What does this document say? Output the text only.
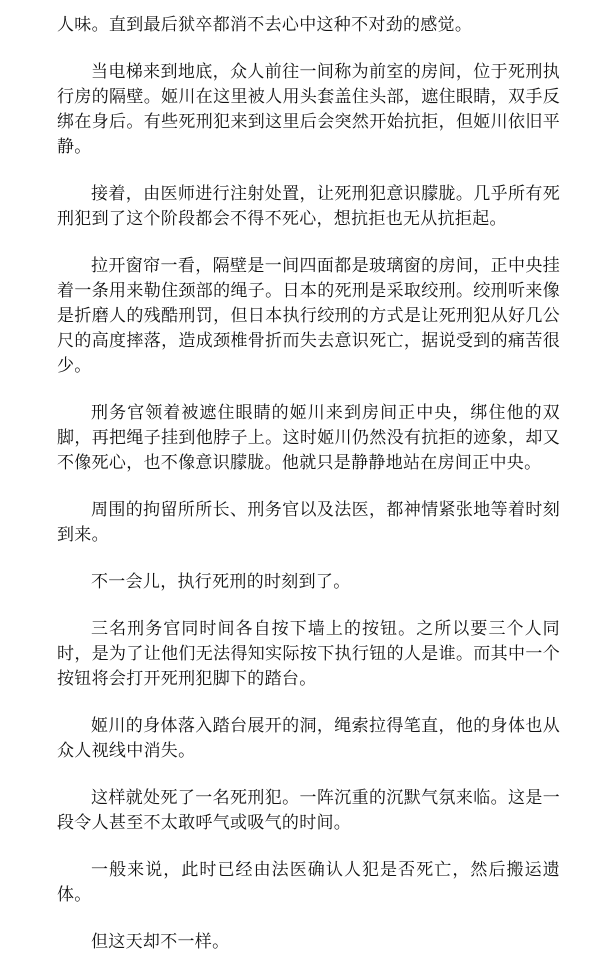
人味。直到最后狱卒都消不去心中这种不对劲的感觉。

当电梯来到地底，众人前往一间称为前室的房间，位于死刑执行房的隔壁。姬川在这里被人用头套盖住头部，遮住眼睛，双手反绑在身后。有些死刑犯来到这里后会突然开始抗拒，但姬川依旧平静。

接着，由医师进行注射处置，让死刑犯意识朦胧。几乎所有死刑犯到了这个阶段都会不得不死心，想抗拒也无从抗拒起。

拉开窗帘一看，隔壁是一间四面都是玻璃窗的房间，正中央挂着一条用来勒住颈部的绳子。日本的死刑是采取绞刑。绞刑听来像是折磨人的残酷刑罚，但日本执行绞刑的方式是让死刑犯从好几公尺的高度摔落，造成颈椎骨折而失去意识死亡，据说受到的痛苦很少。

刑务官领着被遮住眼睛的姬川来到房间正中央，绑住他的双脚，再把绳子挂到他脖子上。这时姬川仍然没有抗拒的迹象，却又不像死心，也不像意识朦胧。他就只是静静地站在房间正中央。

周围的拘留所所长、刑务官以及法医，都神情紧张地等着时刻到来。

不一会儿，执行死刑的时刻到了。

三名刑务官同时间各自按下墙上的按钮。之所以要三个人同时，是为了让他们无法得知实际按下执行钮的人是谁。而其中一个按钮将会打开死刑犯脚下的踏台。

姬川的身体落入踏台展开的洞，绳索拉得笔直，他的身体也从众人视线中消失。

这样就处死了一名死刑犯。一阵沉重的沉默气氛来临。这是一段令人甚至不太敢呼气或吸气的时间。

一般来说，此时已经由法医确认人犯是否死亡，然后搬运遗体。

但这天却不一样。
